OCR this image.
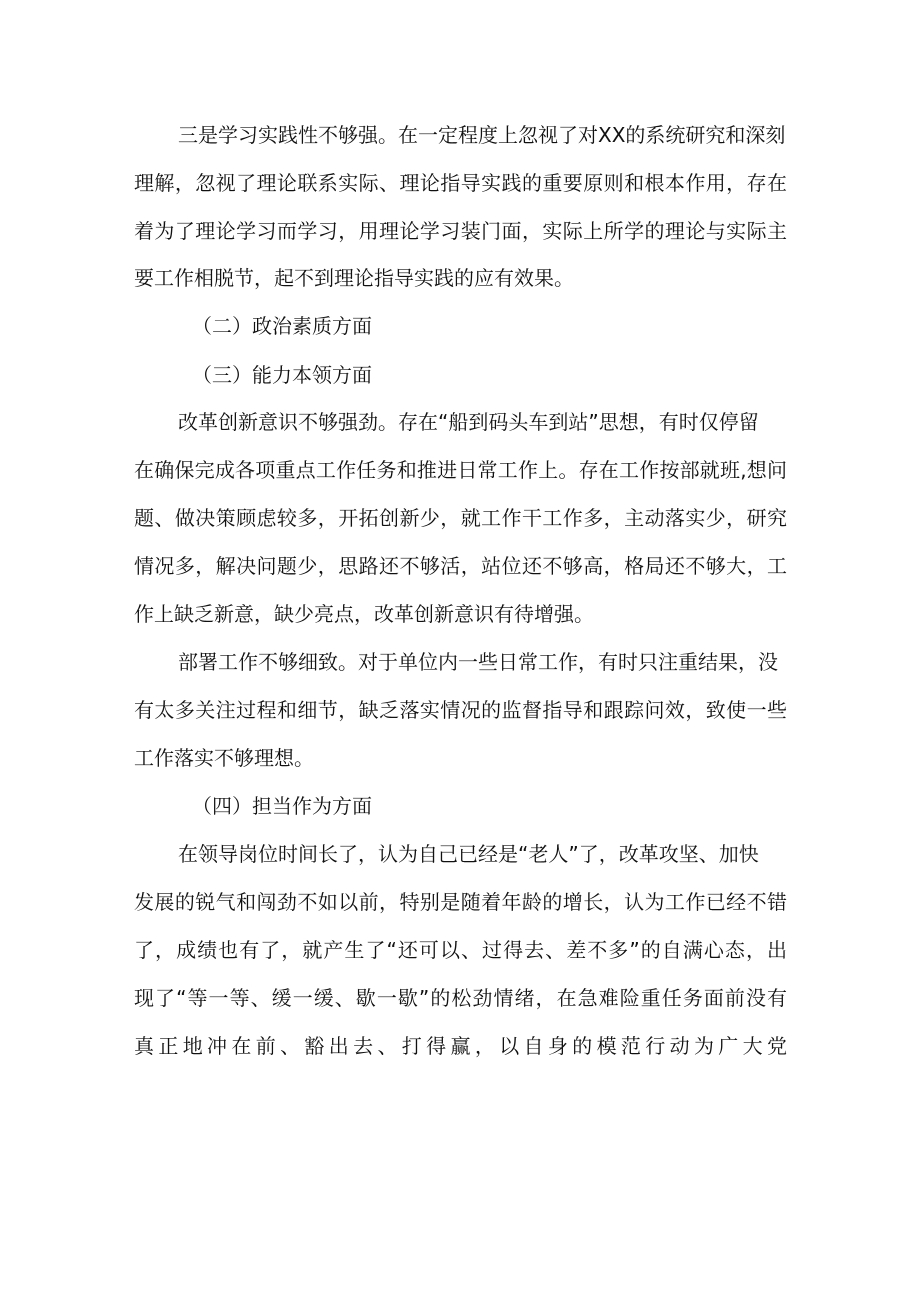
三是学习实践性不够强。在一定程度上忽视了对XX的系统研究和深刻

理解，忽视了理论联系实际、理论指导实践的重要原则和根本作用，存在

着为了理论学习而学习，用理论学习装门面，实际上所学的理论与实际主

要工作相脱节，起不到理论指导实践的应有效果。

（二）政治素质方面

（三）能力本领方面

改革创新意识不够强劲。存在“船到码头车到站”思想，有时仅停留

在确保完成各项重点工作任务和推进日常工作上。存在工作按部就班,想问

题、做决策顾虑较多，开拓创新少，就工作干工作多，主动落实少，研究

情况多，解决问题少，思路还不够活，站位还不够高，格局还不够大，工

作上缺乏新意，缺少亮点，改革创新意识有待增强。

部署工作不够细致。对于单位内一些日常工作，有时只注重结果，没

有太多关注过程和细节，缺乏落实情况的监督指导和跟踪问效，致使一些

工作落实不够理想。

（四）担当作为方面

在领导岗位时间长了，认为自己已经是“老人”了，改革攻坚、加快

发展的锐气和闯劲不如以前，特别是随着年龄的增长，认为工作已经不错

了，成绩也有了，就产生了“还可以、过得去、差不多”的自满心态，出

现了“等一等、缓一缓、歇一歇”的松劲情绪，在急难险重任务面前没有

真正地冲在前、豁出去、打得赢，以自身的模范行动为广大党
